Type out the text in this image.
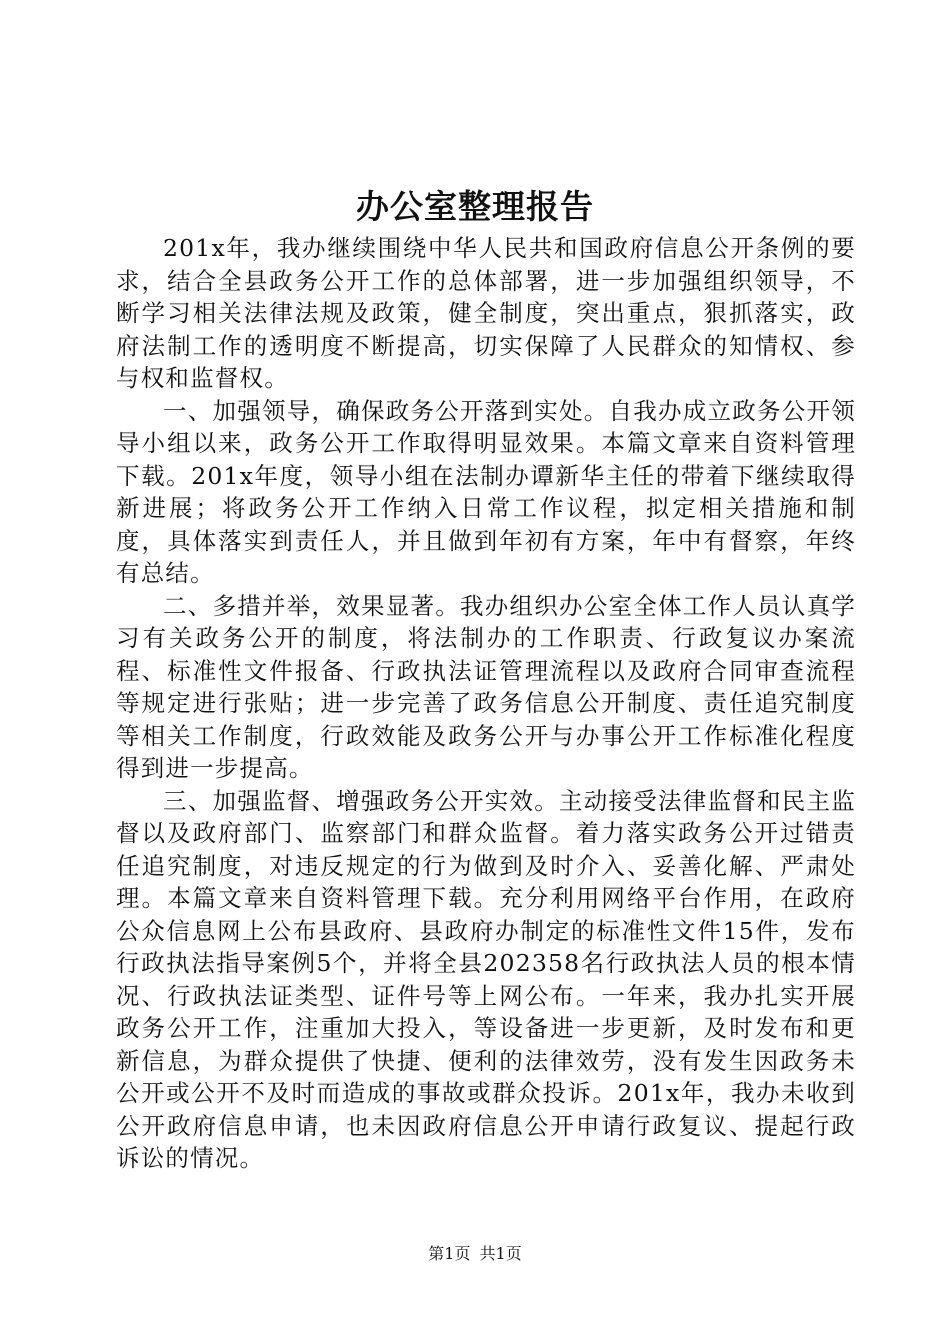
办公室整理报告

201x年，我办继续围绕中华人民共和国政府信息公开条例的要求，结合全县政务公开工作的总体部署，进一步加强组织领导，不断学习相关法律法规及政策，健全制度，突出重点，狠抓落实，政府法制工作的透明度不断提高，切实保障了人民群众的知情权、参与权和监督权。

一、加强领导，确保政务公开落到实处。自我办成立政务公开领导小组以来，政务公开工作取得明显效果。本篇文章来自资料管理下载。201x年度，领导小组在法制办谭新华主任的带着下继续取得新进展；将政务公开工作纳入日常工作议程，拟定相关措施和制度，具体落实到责任人，并且做到年初有方案，年中有督察，年终有总结。

二、多措并举，效果显著。我办组织办公室全体工作人员认真学习有关政务公开的制度，将法制办的工作职责、行政复议办案流程、标准性文件报备、行政执法证管理流程以及政府合同审查流程等规定进行张贴；进一步完善了政务信息公开制度、责任追究制度等相关工作制度，行政效能及政务公开与办事公开工作标准化程度得到进一步提高。

三、加强监督、增强政务公开实效。主动接受法律监督和民主监督以及政府部门、监察部门和群众监督。着力落实政务公开过错责任追究制度，对违反规定的行为做到及时介入、妥善化解、严肃处理。本篇文章来自资料管理下载。充分利用网络平台作用，在政府公众信息网上公布县政府、县政府办制定的标准性文件15件，发布行政执法指导案例5个，并将全县202358名行政执法人员的根本情况、行政执法证类型、证件号等上网公布。一年来，我办扎实开展政务公开工作，注重加大投入，等设备进一步更新，及时发布和更新信息，为群众提供了快捷、便利的法律效劳，没有发生因政务未公开或公开不及时而造成的事故或群众投诉。201x年，我办未收到公开政府信息申请，也未因政府信息公开申请行政复议、提起行政诉讼的情况。

第1页 共1页
